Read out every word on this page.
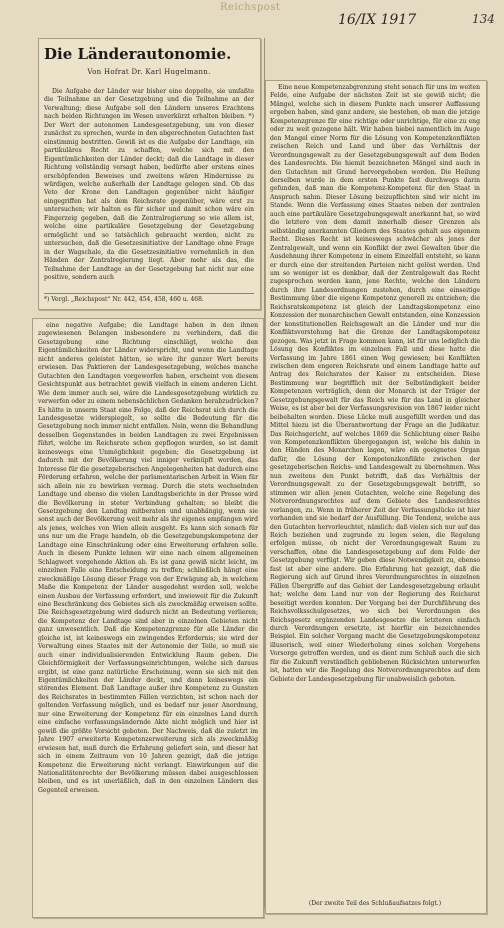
Reichspost
16/IX 1917	134
Die Länderautonomie.
Von Hofrat Dr. Karl Hugelmann.

Die Aufgabe der Länder war bisher eine doppelte, sie umfaßte die Teilnahme an der Gesetzgebung und die Teilnahme an der Verwaltung; diese Aufgabe soll den Ländern unseres Erachtens nach beiden Richtungen im Wesen unverkürzt erhalten bleiben. *) Der Wert der autonomen Landesgesetzgebung, um von dieser zunächst zu sprechen, wurde in den abgerechneten Gutachten fast einstimmig bestritten. Gewiß ist es die Aufgabe der Landtage, ein partikuläres Recht zu schaffen, welche sich mit den Eigentümlichkeiten der Länder deckt; daß die Landtage in dieser Richtung vollständig versagt haben, bedürfte aber erstens eines erschöpfenden Beweises und zweitens wären Hindernisse zu würdigen, welche außerhalb der Landtage gelegen sind. Ob das Veto der Krone den Landtagen gegenüber nicht häufiger eingegriffen hat als dem Reichsrate gegenüber, wäre erst zu untersuchen; wir halten es für sicher und damit schon wäre ein Fingerzeig gegeben, daß die Zentralregierung so wie allem ist, welche eine partikuläre Gesetzgebung der Gesetzgebung ermöglicht und so tatsächlich gebraucht werden, nicht zu untersuchen, daß die Gesetzesinitiative der Landtage ohne Frage in der Wagschale, da die Gesetzesinitiative vornehmlich in den Händen der Zentralregierung liegt. Aber mehr als das, die Teilnahme der Landtage an der Gesetzgebung hat nicht nur eine positive, sondern auch

*) Vergl. „Reichspost“ Nr. 442, 454, 458, 460 u. 468.

eine negative Aufgabe; die Landtage haben in den ihnen zugewiesenen Belangen insbesondere zu verhindern, daß die Gesetzgebung eine Richtung einschlägt, welche den Eigentümlichkeiten der Länder widerspricht, und wenn die Landtage nicht anderes geleistet hätten, so wäre ihr ganzer Wert bereits erwiesen. Das Paktieren der Landesgesetzgebung, welches manche Gutachten den Landtagen vorgeworfen haben, erscheint von diesem Gesichtspunkt aus betrachtet gewiß vielfach in einem anderen Licht. Wie dem immer auch sei, wäre die Landesgesetzgebung wirklich zu verwerfen oder zu einem nebensächlichen Gedanken herabzudrücken? Es hätte in unserm Staat eine Folge, daß der Reichsrat sich durch die Landesgesetze widerspiegelt, so sollte die Bedeutung für die Gesetzgebung noch immer nicht entfallen. Nein, wenn die Behandlung desselben Gegenstandes in beiden Landtagen zu zwei Ergebnissen führt, welche im Reichsrate schon gepflogen wurden, so ist damit keineswegs eine Unmöglichkeit gegeben; die Gesetzgebung ist dadurch mit der Bevölkerung viel inniger verknüpft worden, das Interesse für die gesetzgeberischen Angelegenheiten hat dadurch eine Förderung erfahren, welche der parlamentarischen Arbeit in Wien für sich allein nie zu bewirken vermag. Durch die stets wechselnden Landtage und ebenso die vielen Landtagsberichte in der Presse wird die Bevölkerung in steter Verbindung gehalten; so bleibt die Gesetzgebung den Landtag mitberaten und unabhängig, wenn sie sonst auch der Bevölkerung weit mehr als ihr eigenes empfangen wird als jenes, welches von Wien allein ausgeht. Es kann sich sonach für uns nur um die Frage handeln, ob die Gesetzgebungskompetenz der Landtage eine Einschränkung oder eine Erweiterung erfahren solle. Auch in diesem Punkte lehnen wir eine nach einem allgemeinen Schlagwort vorgehende Aktion ab. Es ist ganz gewiß nicht leicht, im einzelnen Falle eine Entscheidung zu treffen; schließlich hängt eine zweckmäßige Lösung dieser Frage von der Erwägung ab, in welchem Maße die Kompetenz der Länder ausgedehnt werden soll, welche einen Ausbau der Verfassung erfordert, und inwieweit für die Zukunft eine Beschränkung des Gebietes sich als zweckmäßig erweisen sollte. Die Reichsgesetzgebung wird dadurch nicht an Bedeutung verlieren; die Kompetenz der Landtage sind aber in einzelnen Gebieten nicht ganz unwesentlich. Daß die Kompetenzgrenze für alle Länder die gleiche ist, ist keineswegs ein zwingendes Erfordernis; sie wird der Verwaltung eines Staates mit der Autonomie der Teile, so muß sie auch einer individualisierenden Entwicklung Raum geben. Die Gleichförmigkeit der Verfassungseinrichtungen, welche sich daraus ergibt, ist eine ganz natürliche Erscheinung, wenn sie sich mit den Eigentümlichkeiten der Länder deckt, und dann keineswegs ein störendes Element. Daß Landtage außer ihre Kompetenz zu Gunsten des Reichsrates in bestimmten Fällen verzichten, ist schon nach der geltenden Verfassung möglich, und es bedarf nur jener Anordnung, nur eine Erweiterung der Kompetenz für ein einzelnes Land durch eine einfache verfassungsändernde Akte nicht möglich und hier ist gewiß die größte Vorsicht geboten. Der Nachweis, daß die zuletzt im Jahre 1907 erweiterte Kompetenzerweiterung sich als zweckmäßig erwiesen hat, muß durch die Erfahrung geliefert sein, und dieser hat sich in einem Zeitraum von 10 Jahren gezeigt, daß die jetzige Kompetenz die Erweiterung nicht verlangt. Einwirkungen auf die Nationalitätenrechte der Bevölkerung müssen dabei ausgeschlossen bleiben, und es ist unerläßlich, daß in den einzelnen Ländern das Gegenteil erweisen.

Eine neue Kompetenzabgrenzung steht sonach für uns im weiten Felde, eine Aufgabe der nächsten Zeit ist sie gewiß nicht; die Mängel, welche sich in diesem Punkte nach unserer Auffassung ergeben haben, sind ganz andere, sie bestehen, ob man die jetzige Kompetenzgrenze für eine richtige oder unrichtige, für eine zu eng oder zu weit gezogene hält. Wir haben hiebei namentlich im Auge den Mangel einer Norm für die Lösung von Kompetenzkonflikten zwischen Reich und Land und über das Verhältnis der Verordnungsgewalt zu der Gesetzgebungsgewalt auf dem Boden des Landesrechts. Die hiemit bezeichneten Mängel sind auch in den Gutachten mit Grund hervorgehoben worden. Die Heilung derselben wurde in dem ersten Punkte fast durchwegs darin gefunden, daß man die Kompetenz-Kompetenz für den Staat in Anspruch nahm. Dieser Lösung beizupflichten sind wir nicht im Stande. Wenn die Verfassung eines Staates neben der zentralen auch eine partikuläre Gesetzgebungsgewalt anerkannt hat, so wird die letztere von dem damit innerhalb dieser Grenzen als selbständig anerkannten Gliedern des Staates gehalt aus eigenem Recht. Dieses Recht ist keineswegs schwächer als jenes der Zentralgewalt, und wenn ein Konflikt der zwei Gewalten über die Ausdehnung ihrer Kompetenz in einem Einzelfall entsteht, so kann er durch eine der streitenden Parteien nicht gelöst werden. Und um so weniger ist es denkbar, daß der Zentralgewalt das Recht zugesprochen werden kann, jene Rechte, welche den Ländern durch ihre Landesordnungen zustehen, durch eine einseitige Bestimmung über die eigene Kompetenz generell zu entziehen; die Reichsratskompetenz ist gleich der Landtagskompetenz eine Konzession der monarchischen Gewalt entstanden, eine Konzession der konstitutionellen Reichsgewalt an die Länder und nur die Konfliktsvorstehung hat die Grenze der Landtagskompetenz gezogen. Was jetzt in Frage kommen kann, ist für uns lediglich die Lösung des Konfliktes im einzelnen Fall und diese hatte die Verfassung im Jahre 1861 einen Weg gewiesen; bei Konflikten zwischen dem engeren Reichsrate und einem Landtage hatte auf Antrag des Reichsrates der Kaiser zu entscheiden. Diese Bestimmung war begrifflich mit der Selbständigkeit beider Kompetenzen verträglich, denn der Monarch ist der Träger der Gesetzgebungsgewalt für das Reich wie für das Land in gleicher Weise, es ist aber bei der Verfassungsrevision von 1867 leider nicht beibehalten worden. Diese Lücke muß ausgefüllt werden und das Mittel hiezu ist die Überantwortung der Frage an die Judikatur. Das Reichsgericht, auf welches 1869 die Schlichtung einer Reihe von Kompetenzkonflikten übergegangen ist, welche bis dahin in den Händen des Monarchen lagen, wäre ein geeignetes Organ dafür, die Lösung der Kompetenzkonflikte zwischen der gesetzgeberischen Reichs- und Landesgewalt zu übernehmen. Was nun zweitens den Punkt betrifft, daß das Verhältnis der Verordnungsgewalt zu der Gesetzgebungsgewalt betrifft, so stimmen wir allen jenen Gutachten, welche eine Regelung des Notverordnungsrechtes auf dem Gebiete des Landesrechtes verlangen, zu. Wenn in früherer Zeit der Verfassungslücke ist hier vorhanden und sie bedarf der Ausfüllung. Die Tendenz, welche aus den Gutachten hervorleuchtet, nämlich: daß vielen sich nur auf das Reich beziehen und zugrunde zu legen seien, die Regelung erfolgen müsse, ob nicht der Verordnungsgewalt Raum zu verschaffen, ohne die Landesgesetzgebung auf dem Felde der Gesetzgebung verfügt. Wir geben diese Notwendigkeit zu, ebenso fast ist aber eine andere. Die Erfahrung hat gezeigt, daß die Regierung sich auf Grund ihres Verordnungsrechtes in einzelnen Fällen Übergriffe auf das Gebiet der Landesgesetzgebung erlaubt hat; welche dem Land nur von der Regierung des Reichsrat beseitigt werden konnten. Der Vorgang bei der Durchführung des Reichsvolksschulgesetzes, wo sich bei Verordnungen des Reichsgesetz ergänzenden Landesgesetze die letzteren einfach durch Verordnungen ersetzte, ist hierfür ein bezeichnendes Beispiel. Ein solcher Vorgang macht die Gesetzgebungskompetenz illusorisch, weil einer Wiederholung eines solchen Vorgehens Vorsorge getroffen werden, und es dient zum Schluß auch die sich für die Zukunft verständlich gebliebenen Rücksichten unterworfen ist, hatten wir die Regelung des Notverordnungsrechtes auf dem Gebiete der Landesgesetzgebung für unabweislich geboten.

(Der zweite Teil des Schlußaufsatzes folgt.)
